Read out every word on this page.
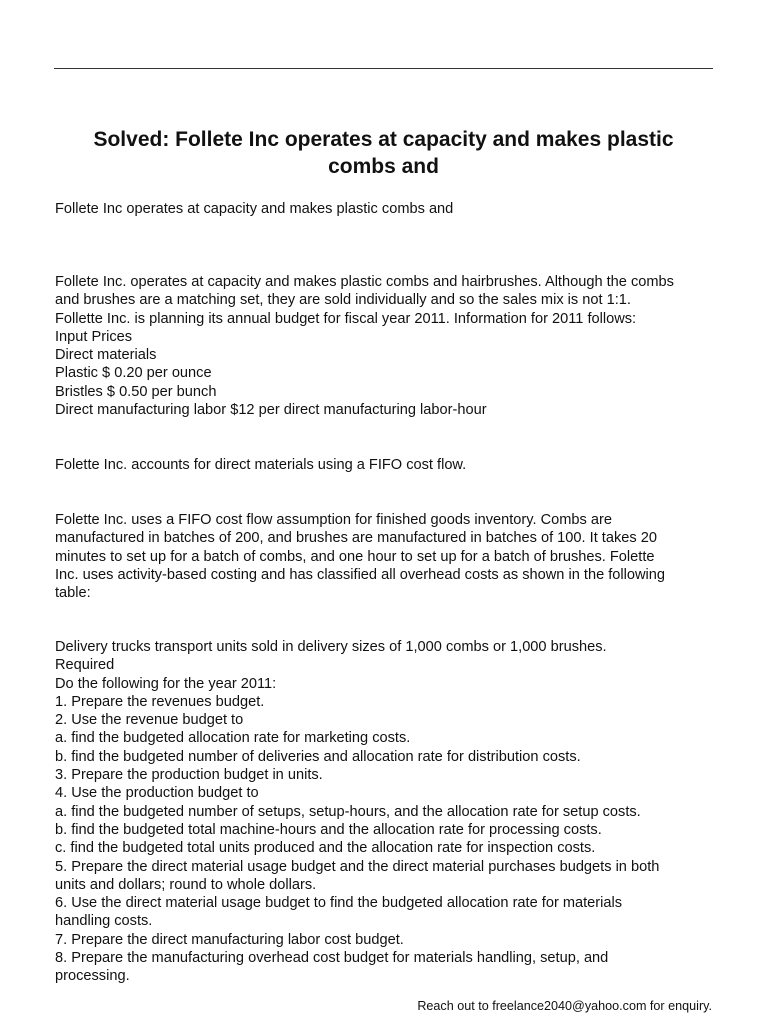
Solved: Follete Inc operates at capacity and makes plastic
combs and

Follete Inc operates at capacity and makes plastic combs and

Follete Inc. operates at capacity and makes plastic combs and hairbrushes. Although the combs
and brushes are a matching set, they are sold individually and so the sales mix is not 1:1.
Follette Inc. is planning its annual budget for fiscal year 2011. Information for 2011 follows:
Input Prices
Direct materials
Plastic $ 0.20 per ounce
Bristles $ 0.50 per bunch
Direct manufacturing labor $12 per direct manufacturing labor-hour

Folette Inc. accounts for direct materials using a FIFO cost flow.

Folette Inc. uses a FIFO cost flow assumption for finished goods inventory. Combs are
manufactured in batches of 200, and brushes are manufactured in batches of 100. It takes 20
minutes to set up for a batch of combs, and one hour to set up for a batch of brushes. Folette
Inc. uses activity-based costing and has classified all overhead costs as shown in the following
table:

Delivery trucks transport units sold in delivery sizes of 1,000 combs or 1,000 brushes.
Required
Do the following for the year 2011:
1. Prepare the revenues budget.
2. Use the revenue budget to
a. find the budgeted allocation rate for marketing costs.
b. find the budgeted number of deliveries and allocation rate for distribution costs.
3. Prepare the production budget in units.
4. Use the production budget to
a. find the budgeted number of setups, setup-hours, and the allocation rate for setup costs.
b. find the budgeted total machine-hours and the allocation rate for processing costs.
c. find the budgeted total units produced and the allocation rate for inspection costs.
5. Prepare the direct material usage budget and the direct material purchases budgets in both
units and dollars; round to whole dollars.
6. Use the direct material usage budget to find the budgeted allocation rate for materials
handling costs.
7. Prepare the direct manufacturing labor cost budget.
8. Prepare the manufacturing overhead cost budget for materials handling, setup, and
processing.

Reach out to freelance2040@yahoo.com for enquiry.
